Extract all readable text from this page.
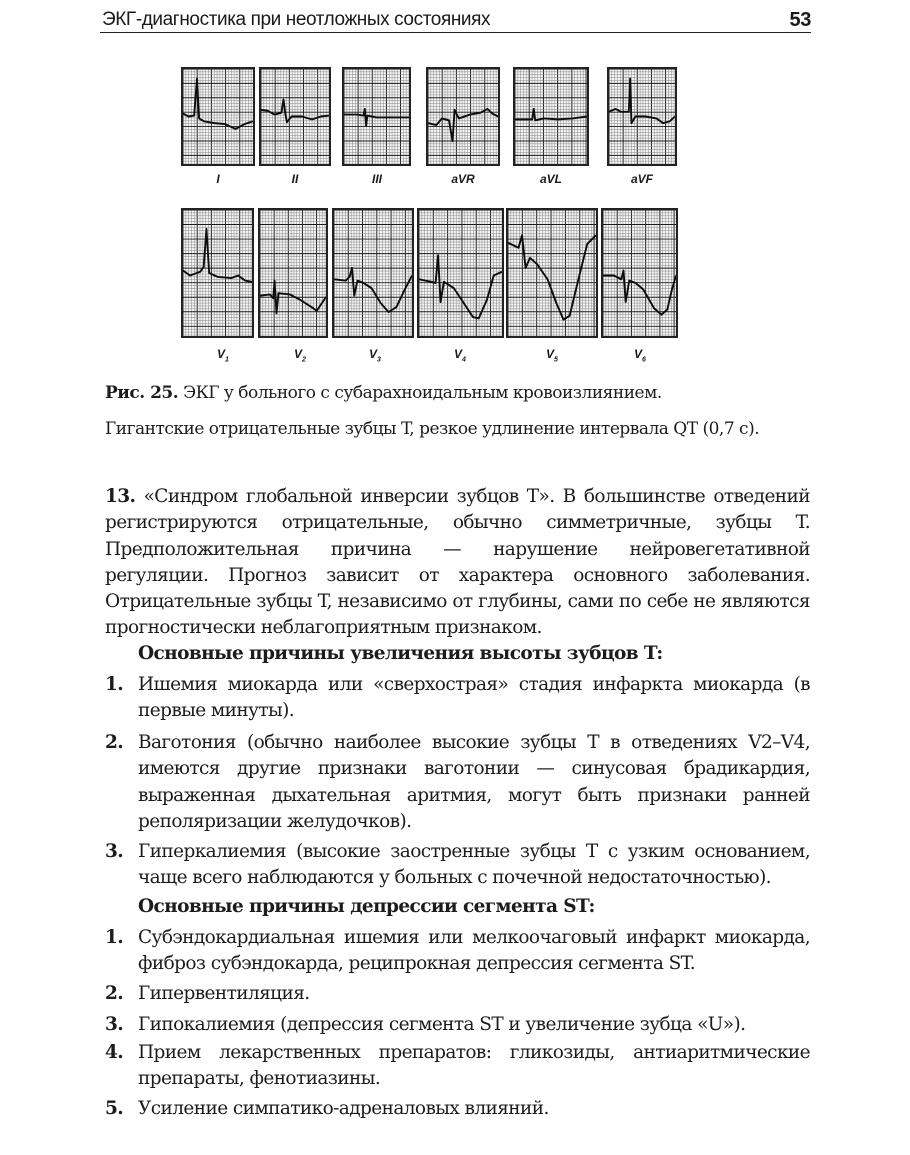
ЭКГ-диагностика при неотложных состояниях	53
I	II	III	aVR	aVL	aVF
$V_1$	$V_2$	$V_3$	$V_4$	$V_5$	$V_6$
Рис. 25. ЭКГ у больного с субарахноидальным кровоизлиянием.
Гигантские отрицательные зубцы T, резкое удлинение интервала QT (0,7 с).
13. «Синдром глобальной инверсии зубцов T». В большинстве отведений регистрируются отрицательные, обычно симметричные, зубцы T. Предположительная причина — нарушение нейровегетативной регуляции. Прогноз зависит от характера основного заболевания. Отрицательные зубцы T, независимо от глубины, сами по себе не являются прогностически неблагоприятным признаком.
Основные причины увеличения высоты зубцов T:
1. Ишемия миокарда или «сверхострая» стадия инфаркта миокарда (в первые минуты).
2. Ваготония (обычно наиболее высокие зубцы T в отведениях V2–V4, имеются другие признаки ваготонии — синусовая брадикардия, выраженная дыхательная аритмия, могут быть признаки ранней реполяризации желудочков).
3. Гиперкалиемия (высокие заостренные зубцы T с узким основанием, чаще всего наблюдаются у больных с почечной недостаточностью).
Основные причины депрессии сегмента ST:
1. Субэндокардиальная ишемия или мелкоочаговый инфаркт миокарда, фиброз субэндокарда, реципрокная депрессия сегмента ST.
2. Гипервентиляция.
3. Гипокалиемия (депрессия сегмента ST и увеличение зубца «U»).
4. Прием лекарственных препаратов: гликозиды, антиаритмические препараты, фенотиазины.
5. Усиление симпатико-адреналовых влияний.
